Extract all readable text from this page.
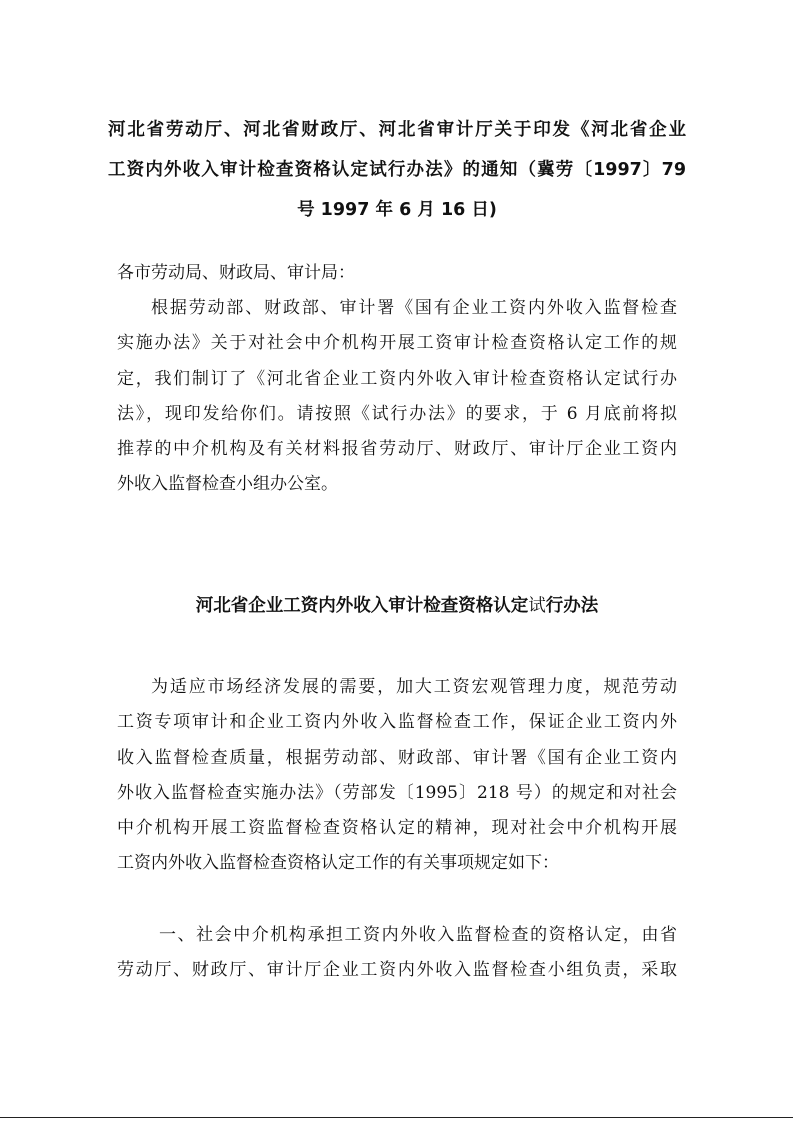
河北省劳动厅、河北省财政厅、河北省审计厅关于印发《河北省企业
工资内外收入审计检查资格认定试行办法》的通知（冀劳〔1997〕79
号 1997 年 6 月 16 日)
各市劳动局、财政局、审计局：
根据劳动部、财政部、审计署《国有企业工资内外收入监督检查
实施办法》关于对社会中介机构开展工资审计检查资格认定工作的规
定，我们制订了《河北省企业工资内外收入审计检查资格认定试行办
法》，现印发给你们。请按照《试行办法》的要求，于 6 月底前将拟
推荐的中介机构及有关材料报省劳动厅、财政厅、审计厅企业工资内
外收入监督检查小组办公室。
河北省企业工资内外收入审计检查资格认定试行办法
为适应市场经济发展的需要，加大工资宏观管理力度，规范劳动
工资专项审计和企业工资内外收入监督检查工作，保证企业工资内外
收入监督检查质量，根据劳动部、财政部、审计署《国有企业工资内
外收入监督检查实施办法》（劳部发〔1995〕218 号）的规定和对社会
中介机构开展工资监督检查资格认定的精神，现对社会中介机构开展
工资内外收入监督检查资格认定工作的有关事项规定如下：
一、社会中介机构承担工资内外收入监督检查的资格认定，由省
劳动厅、财政厅、审计厅企业工资内外收入监督检查小组负责，采取
